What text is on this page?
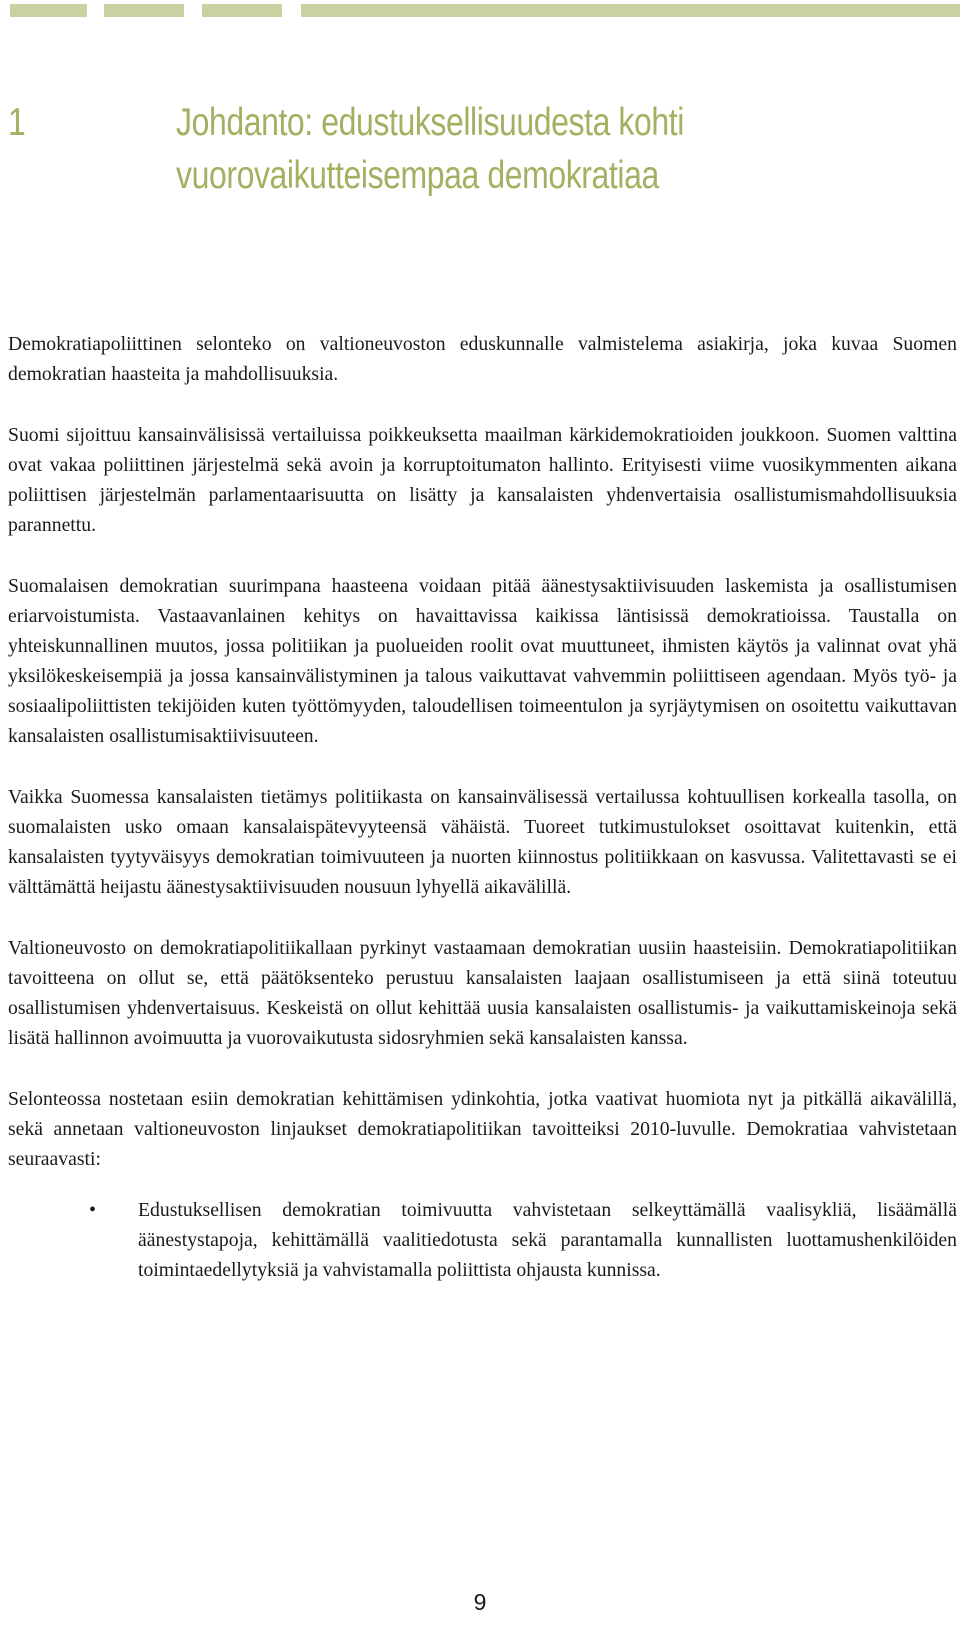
1	Johdanto: edustuksellisuudesta kohti
vuorovaikutteisempaa demokratiaa

Demokratiapoliittinen selonteko on valtioneuvoston eduskunnalle valmistelema asiakirja, joka kuvaa Suomen demokratian haasteita ja mahdollisuuksia.

Suomi sijoittuu kansainvälisissä vertailuissa poikkeuksetta maailman kärkidemokratioiden joukkoon. Suomen valttina ovat vakaa poliittinen järjestelmä sekä avoin ja korruptoitumaton hallinto. Erityisesti viime vuosikymmenten aikana poliittisen järjestelmän parlamentaarisuutta on lisätty ja kansalaisten yhdenvertaisia osallistumismahdollisuuksia parannettu.

Suomalaisen demokratian suurimpana haasteena voidaan pitää äänestysaktiivisuuden laskemista ja osallistumisen eriarvoistumista. Vastaavanlainen kehitys on havaittavissa kaikissa läntisissä demokratioissa. Taustalla on yhteiskunnallinen muutos, jossa politiikan ja puolueiden roolit ovat muuttuneet, ihmisten käytös ja valinnat ovat yhä yksilökeskeisempiä ja jossa kansainvälistyminen ja talous vaikuttavat vahvemmin poliittiseen agendaan. Myös työ- ja sosiaalipoliittisten tekijöiden kuten työttömyyden, taloudellisen toimeentulon ja syrjäytymisen on osoitettu vaikuttavan kansalaisten osallistumisaktiivisuuteen.

Vaikka Suomessa kansalaisten tietämys politiikasta on kansainvälisessä vertailussa kohtuullisen korkealla tasolla, on suomalaisten usko omaan kansalaispätevyyteensä vähäistä. Tuoreet tutkimustulokset osoittavat kuitenkin, että kansalaisten tyytyväisyys demokratian toimivuuteen ja nuorten kiinnostus politiikkaan on kasvussa. Valitettavasti se ei välttämättä heijastu äänestysaktiivisuuden nousuun lyhyellä aikavälillä.

Valtioneuvosto on demokratiapolitiikallaan pyrkinyt vastaamaan demokratian uusiin haasteisiin. Demokratiapolitiikan tavoitteena on ollut se, että päätöksenteko perustuu kansalaisten laajaan osallistumiseen ja että siinä toteutuu osallistumisen yhdenvertaisuus. Keskeistä on ollut kehittää uusia kansalaisten osallistumis- ja vaikuttamiskeinoja sekä lisätä hallinnon avoimuutta ja vuorovaikutusta sidosryhmien sekä kansalaisten kanssa.

Selonteossa nostetaan esiin demokratian kehittämisen ydinkohtia, jotka vaativat huomiota nyt ja pitkällä aikavälillä, sekä annetaan valtioneuvoston linjaukset demokratiapolitiikan tavoitteiksi 2010-luvulle. Demokratiaa vahvistetaan seuraavasti:

• Edustuksellisen demokratian toimivuutta vahvistetaan selkeyttämällä vaalisykliä, lisäämällä äänestystapoja, kehittämällä vaalitiedotusta sekä parantamalla kunnallisten luottamushenkilöiden toimintaedellytyksiä ja vahvistamalla poliittista ohjausta kunnissa.
9
